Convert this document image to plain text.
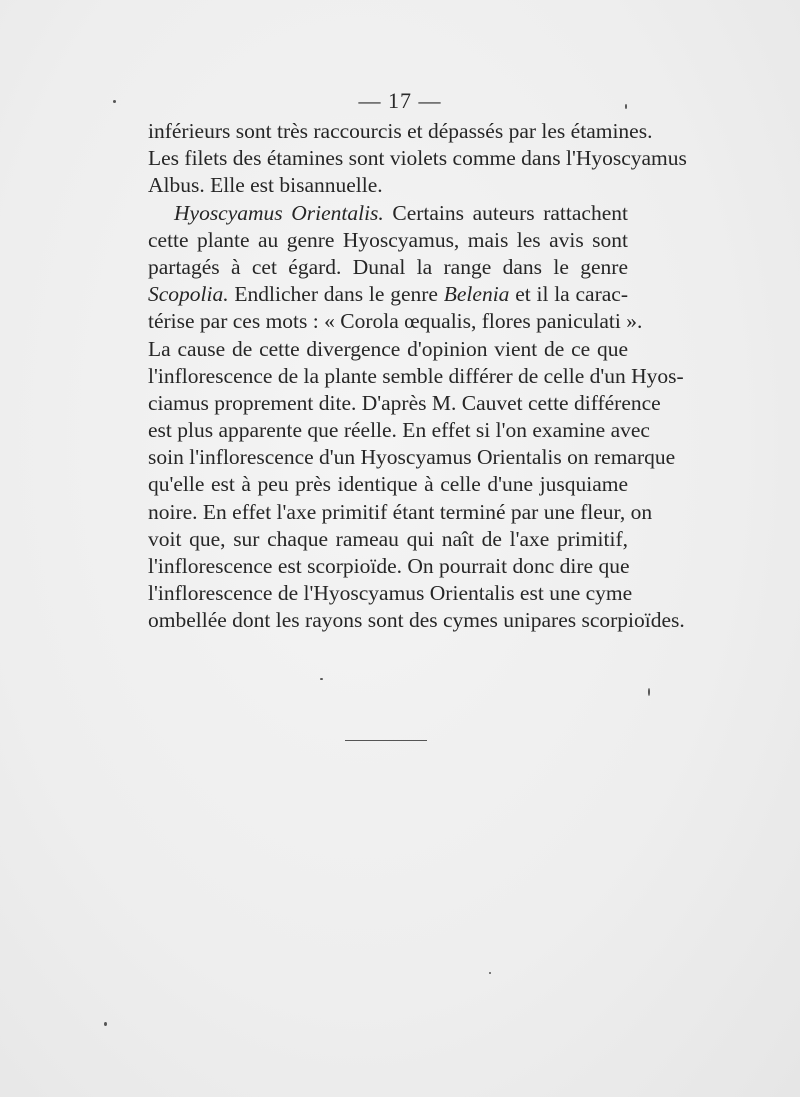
— 17 —
inférieurs sont très raccourcis et dépassés par les étamines.
Les filets des étamines sont violets comme dans l'Hyoscyamus
Albus. Elle est bisannuelle.
Hyoscyamus Orientalis. Certains auteurs rattachent
cette plante au genre Hyoscyamus, mais les avis sont
partagés à cet égard. Dunal la range dans le genre
Scopolia. Endlicher dans le genre Belenia et il la carac-
térise par ces mots : « Corola œqualis, flores paniculati ».
La cause de cette divergence d'opinion vient de ce que
l'inflorescence de la plante semble différer de celle d'un Hyos-
ciamus proprement dite. D'après M. Cauvet cette différence
est plus apparente que réelle. En effet si l'on examine avec
soin l'inflorescence d'un Hyoscyamus Orientalis on remarque
qu'elle est à peu près identique à celle d'une jusquiame
noire. En effet l'axe primitif étant terminé par une fleur, on
voit que, sur chaque rameau qui naît de l'axe primitif,
l'inflorescence est scorpioïde. On pourrait donc dire que
l'inflorescence de l'Hyoscyamus Orientalis est une cyme
ombellée dont les rayons sont des cymes unipares scorpioïdes.
